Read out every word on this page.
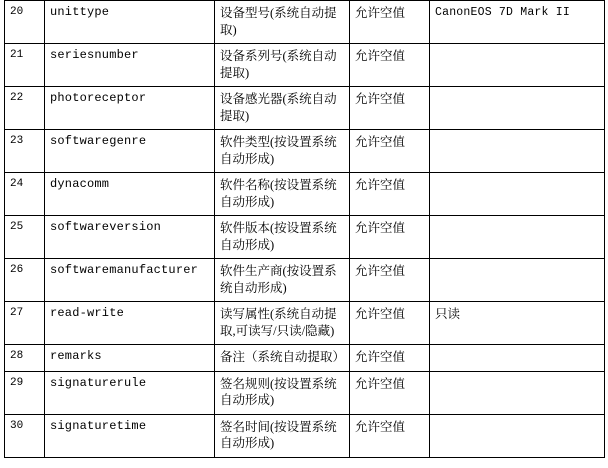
20	unittype	设备型号(系统自动提取)	允许空值	CanonEOS 7D Mark II
21	seriesnumber	设备系列号(系统自动提取)	允许空值	
22	photoreceptor	设备感光器(系统自动提取)	允许空值	
23	softwaregenre	软件类型(按设置系统自动形成)	允许空值	
24	dynacomm	软件名称(按设置系统自动形成)	允许空值	
25	softwareversion	软件版本(按设置系统自动形成)	允许空值	
26	softwaremanufacturer	软件生产商(按设置系统自动形成)	允许空值	
27	read-write	读写属性(系统自动提取,可读写/只读/隐藏)	允许空值	只读
28	remarks	备注（系统自动提取）	允许空值	
29	signaturerule	签名规则(按设置系统自动形成)	允许空值	
30	signaturetime	签名时间(按设置系统自动形成)	允许空值	
